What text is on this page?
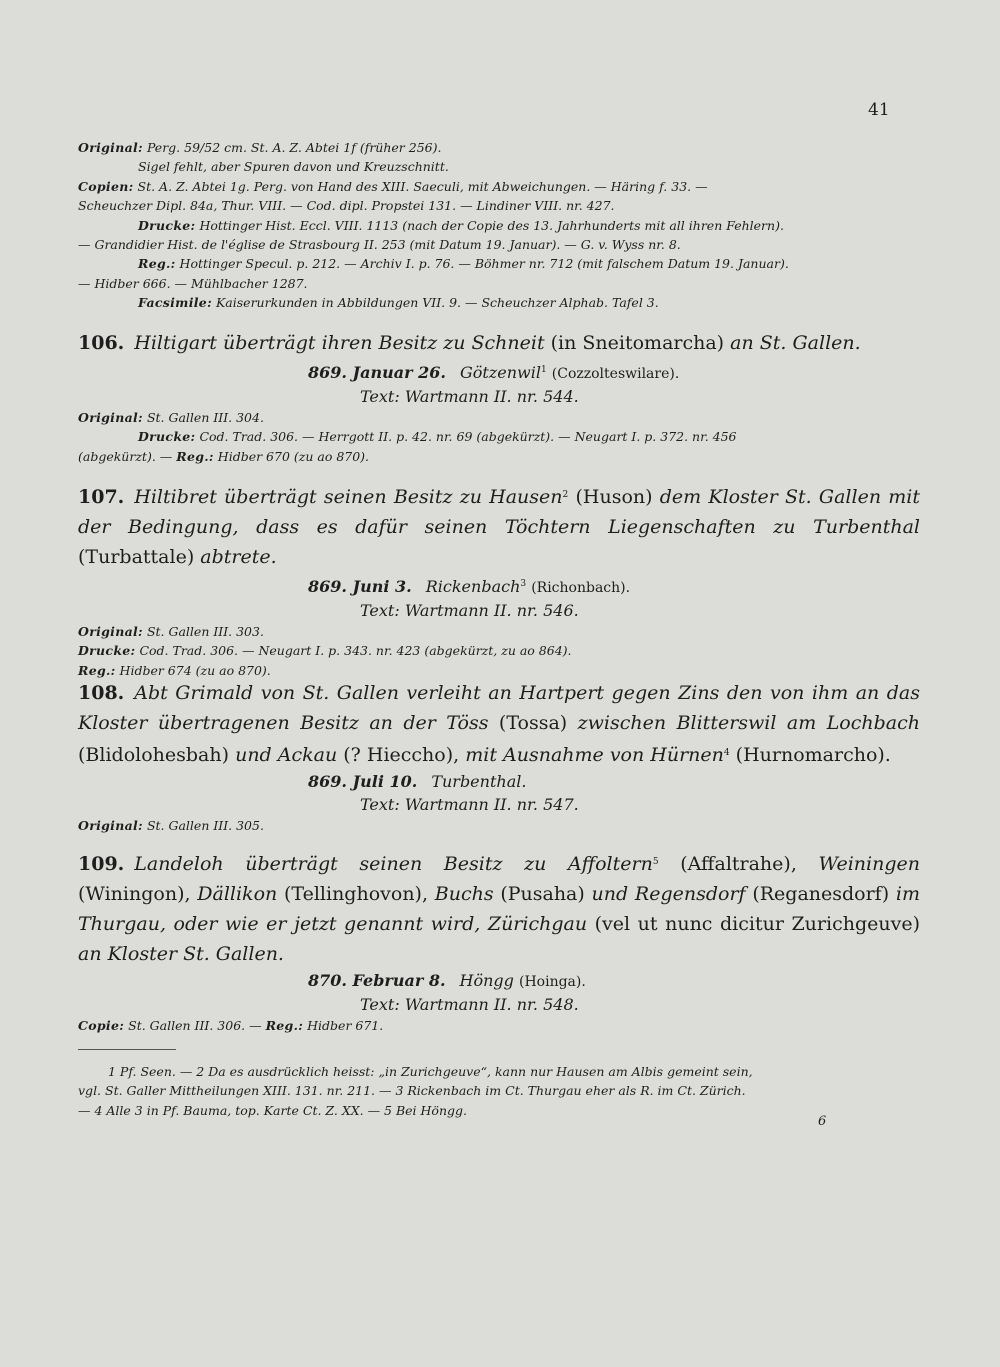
41

Original: Perg. 59/52 cm. St. A. Z. Abtei 1f (früher 256).

Sigel fehlt, aber Spuren davon und Kreuzschnitt.

Copien: St. A. Z. Abtei 1g. Perg. von Hand des XIII. Saeculi, mit Abweichungen. — Häring f. 33. —

Scheuchzer Dipl. 84a, Thur. VIII. — Cod. dipl. Propstei 131. — Lindiner VIII. nr. 427.

Drucke: Hottinger Hist. Eccl. VIII. 1113 (nach der Copie des 13. Jahrhunderts mit all ihren Fehlern).

— Grandidier Hist. de l'église de Strasbourg II. 253 (mit Datum 19. Januar). — G. v. Wyss nr. 8.

Reg.: Hottinger Specul. p. 212. — Archiv I. p. 76. — Böhmer nr. 712 (mit falschem Datum 19. Januar).

— Hidber 666. — Mühlbacher 1287.

Facsimile: Kaiserurkunden in Abbildungen VII. 9. — Scheuchzer Alphab. Tafel 3.

106. Hiltigart überträgt ihren Besitz zu Schneit (in Sneitomarcha) an St. Gallen.

869. Januar 26. Götzenwil$^1$ (Cozzolteswilare).

Text: Wartmann II. nr. 544.

Original: St. Gallen III. 304.

Drucke: Cod. Trad. 306. — Herrgott II. p. 42. nr. 69 (abgekürzt). — Neugart I. p. 372. nr. 456

(abgekürzt). — Reg.: Hidber 670 (zu ao 870).

107. Hiltibret überträgt seinen Besitz zu Hausen$^2$ (Huson) dem Kloster St. Gallen mit der Bedingung, dass es dafür seinen Töchtern Liegenschaften zu Turbenthal (Turbattale) abtrete.

869. Juni 3. Rickenbach$^3$ (Richonbach).

Text: Wartmann II. nr. 546.

Original: St. Gallen III. 303.

Drucke: Cod. Trad. 306. — Neugart I. p. 343. nr. 423 (abgekürzt, zu ao 864).

Reg.: Hidber 674 (zu ao 870).

108. Abt Grimald von St. Gallen verleiht an Hartpert gegen Zins den von ihm an das Kloster übertragenen Besitz an der Töss (Tossa) zwischen Blitterswil am Lochbach (Blidolohesbah) und Ackau (? Hieccho), mit Ausnahme von Hürnen$^4$ (Hurnomarcho).

869. Juli 10. Turbenthal.

Text: Wartmann II. nr. 547.

Original: St. Gallen III. 305.

109. Landeloh überträgt seinen Besitz zu Affoltern$^5$ (Affaltrahe), Weiningen (Winingon), Dällikon (Tellinghovon), Buchs (Pusaha) und Regensdorf (Reganesdorf) im Thurgau, oder wie er jetzt genannt wird, Zürichgau (vel ut nunc dicitur Zurichgeuve) an Kloster St. Gallen.

870. Februar 8. Höngg (Hoinga).

Text: Wartmann II. nr. 548.

Copie: St. Gallen III. 306. — Reg.: Hidber 671.

1 Pf. Seen. — 2 Da es ausdrücklich heisst: „in Zurichgeuve“, kann nur Hausen am Albis gemeint sein,

vgl. St. Galler Mittheilungen XIII. 131. nr. 211. — 3 Rickenbach im Ct. Thurgau eher als R. im Ct. Zürich.

— 4 Alle 3 in Pf. Bauma, top. Karte Ct. Z. XX. — 5 Bei Höngg.

6
